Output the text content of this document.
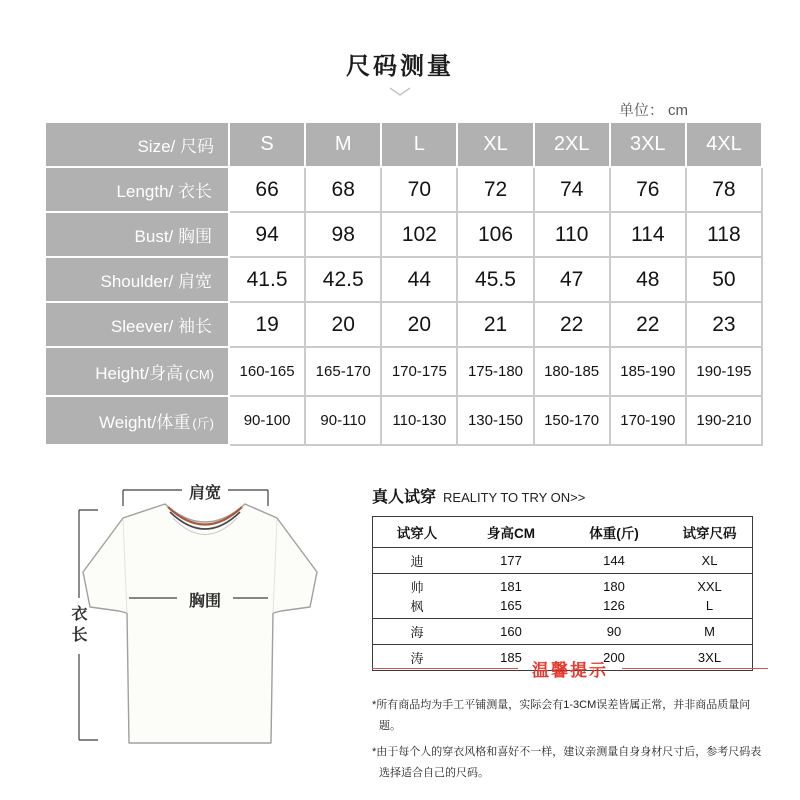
尺码测量
单位： cm
Size/ 尺码	S	M	L	XL	2XL	3XL	4XL
Length/ 衣长	66	68	70	72	74	76	78
Bust/ 胸围	94	98	102	106	110	114	118
Shoulder/ 肩宽	41.5	42.5	44	45.5	47	48	50
Sleever/ 袖长	19	20	20	21	22	22	23
Height/身高 (CM)	160-165	165-170	170-175	175-180	180-185	185-190	190-195
Weight/体重 (斤)	90-100	90-110	110-130	130-150	150-170	170-190	190-210
肩宽
胸围
衣长
真人试穿 REALITY TO TRY ON>>
试穿人	身高CM	体重(斤)	试穿尺码
迪	177	144	XL
帅	181	180	XXL
枫	165	126	L
海	160	90	M
涛	185	200	3XL
温馨提示

*所有商品均为手工平铺测量，实际会有1-3CM误差皆属正常，并非商品质量问题。

*由于每个人的穿衣风格和喜好不一样，建议亲测量自身身材尺寸后，参考尺码表选择适合自己的尺码。
